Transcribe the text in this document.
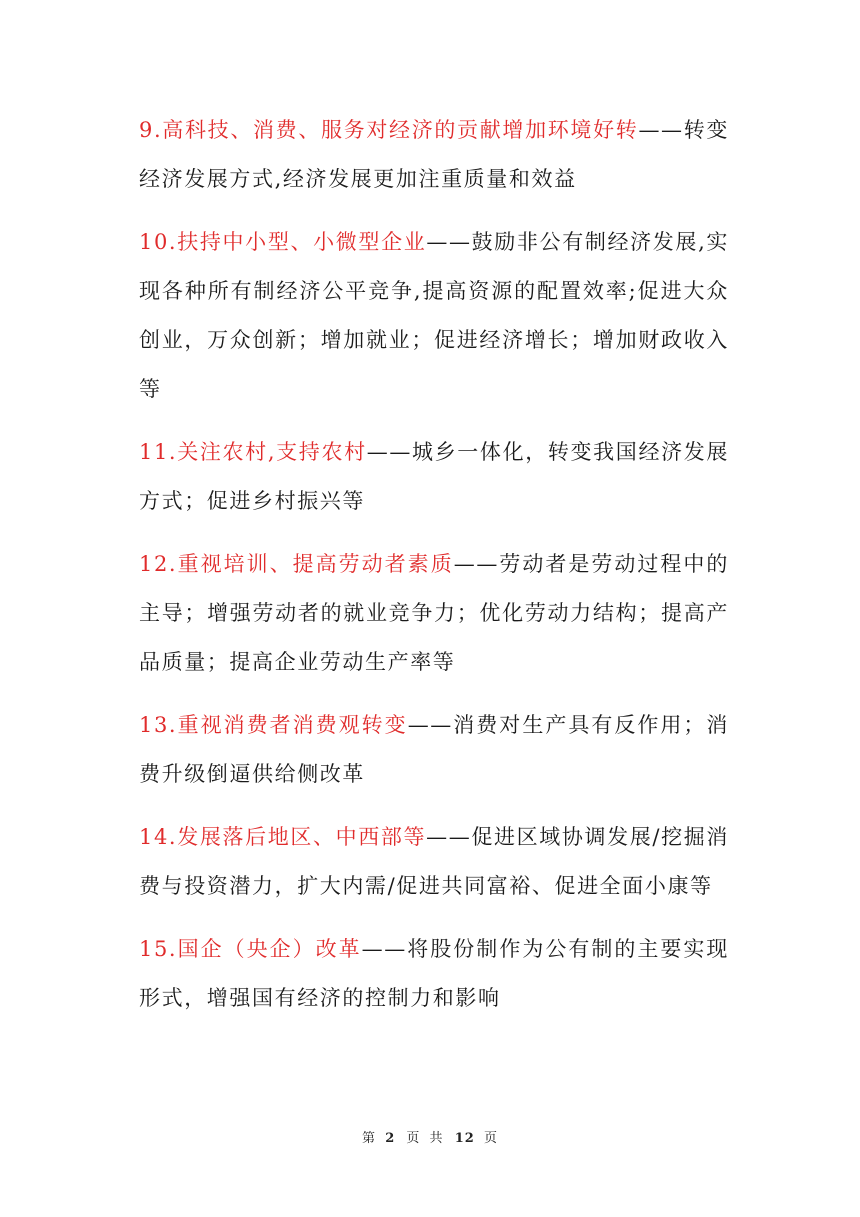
9.高科技、消费、服务对经济的贡献增加环境好转——转变经济发展方式,经济发展更加注重质量和效益

10.扶持中小型、小微型企业——鼓励非公有制经济发展,实现各种所有制经济公平竞争,提高资源的配置效率;促进大众创业，万众创新；增加就业；促进经济增长；增加财政收入等

11.关注农村,支持农村——城乡一体化，转变我国经济发展方式；促进乡村振兴等

12.重视培训、提高劳动者素质——劳动者是劳动过程中的主导；增强劳动者的就业竞争力；优化劳动力结构；提高产品质量；提高企业劳动生产率等

13.重视消费者消费观转变——消费对生产具有反作用；消费升级倒逼供给侧改革

14.发展落后地区、中西部等——促进区域协调发展/挖掘消费与投资潜力，扩大内需/促进共同富裕、促进全面小康等

15.国企（央企）改革——将股份制作为公有制的主要实现形式，增强国有经济的控制力和影响

第 2 页 共 12 页
